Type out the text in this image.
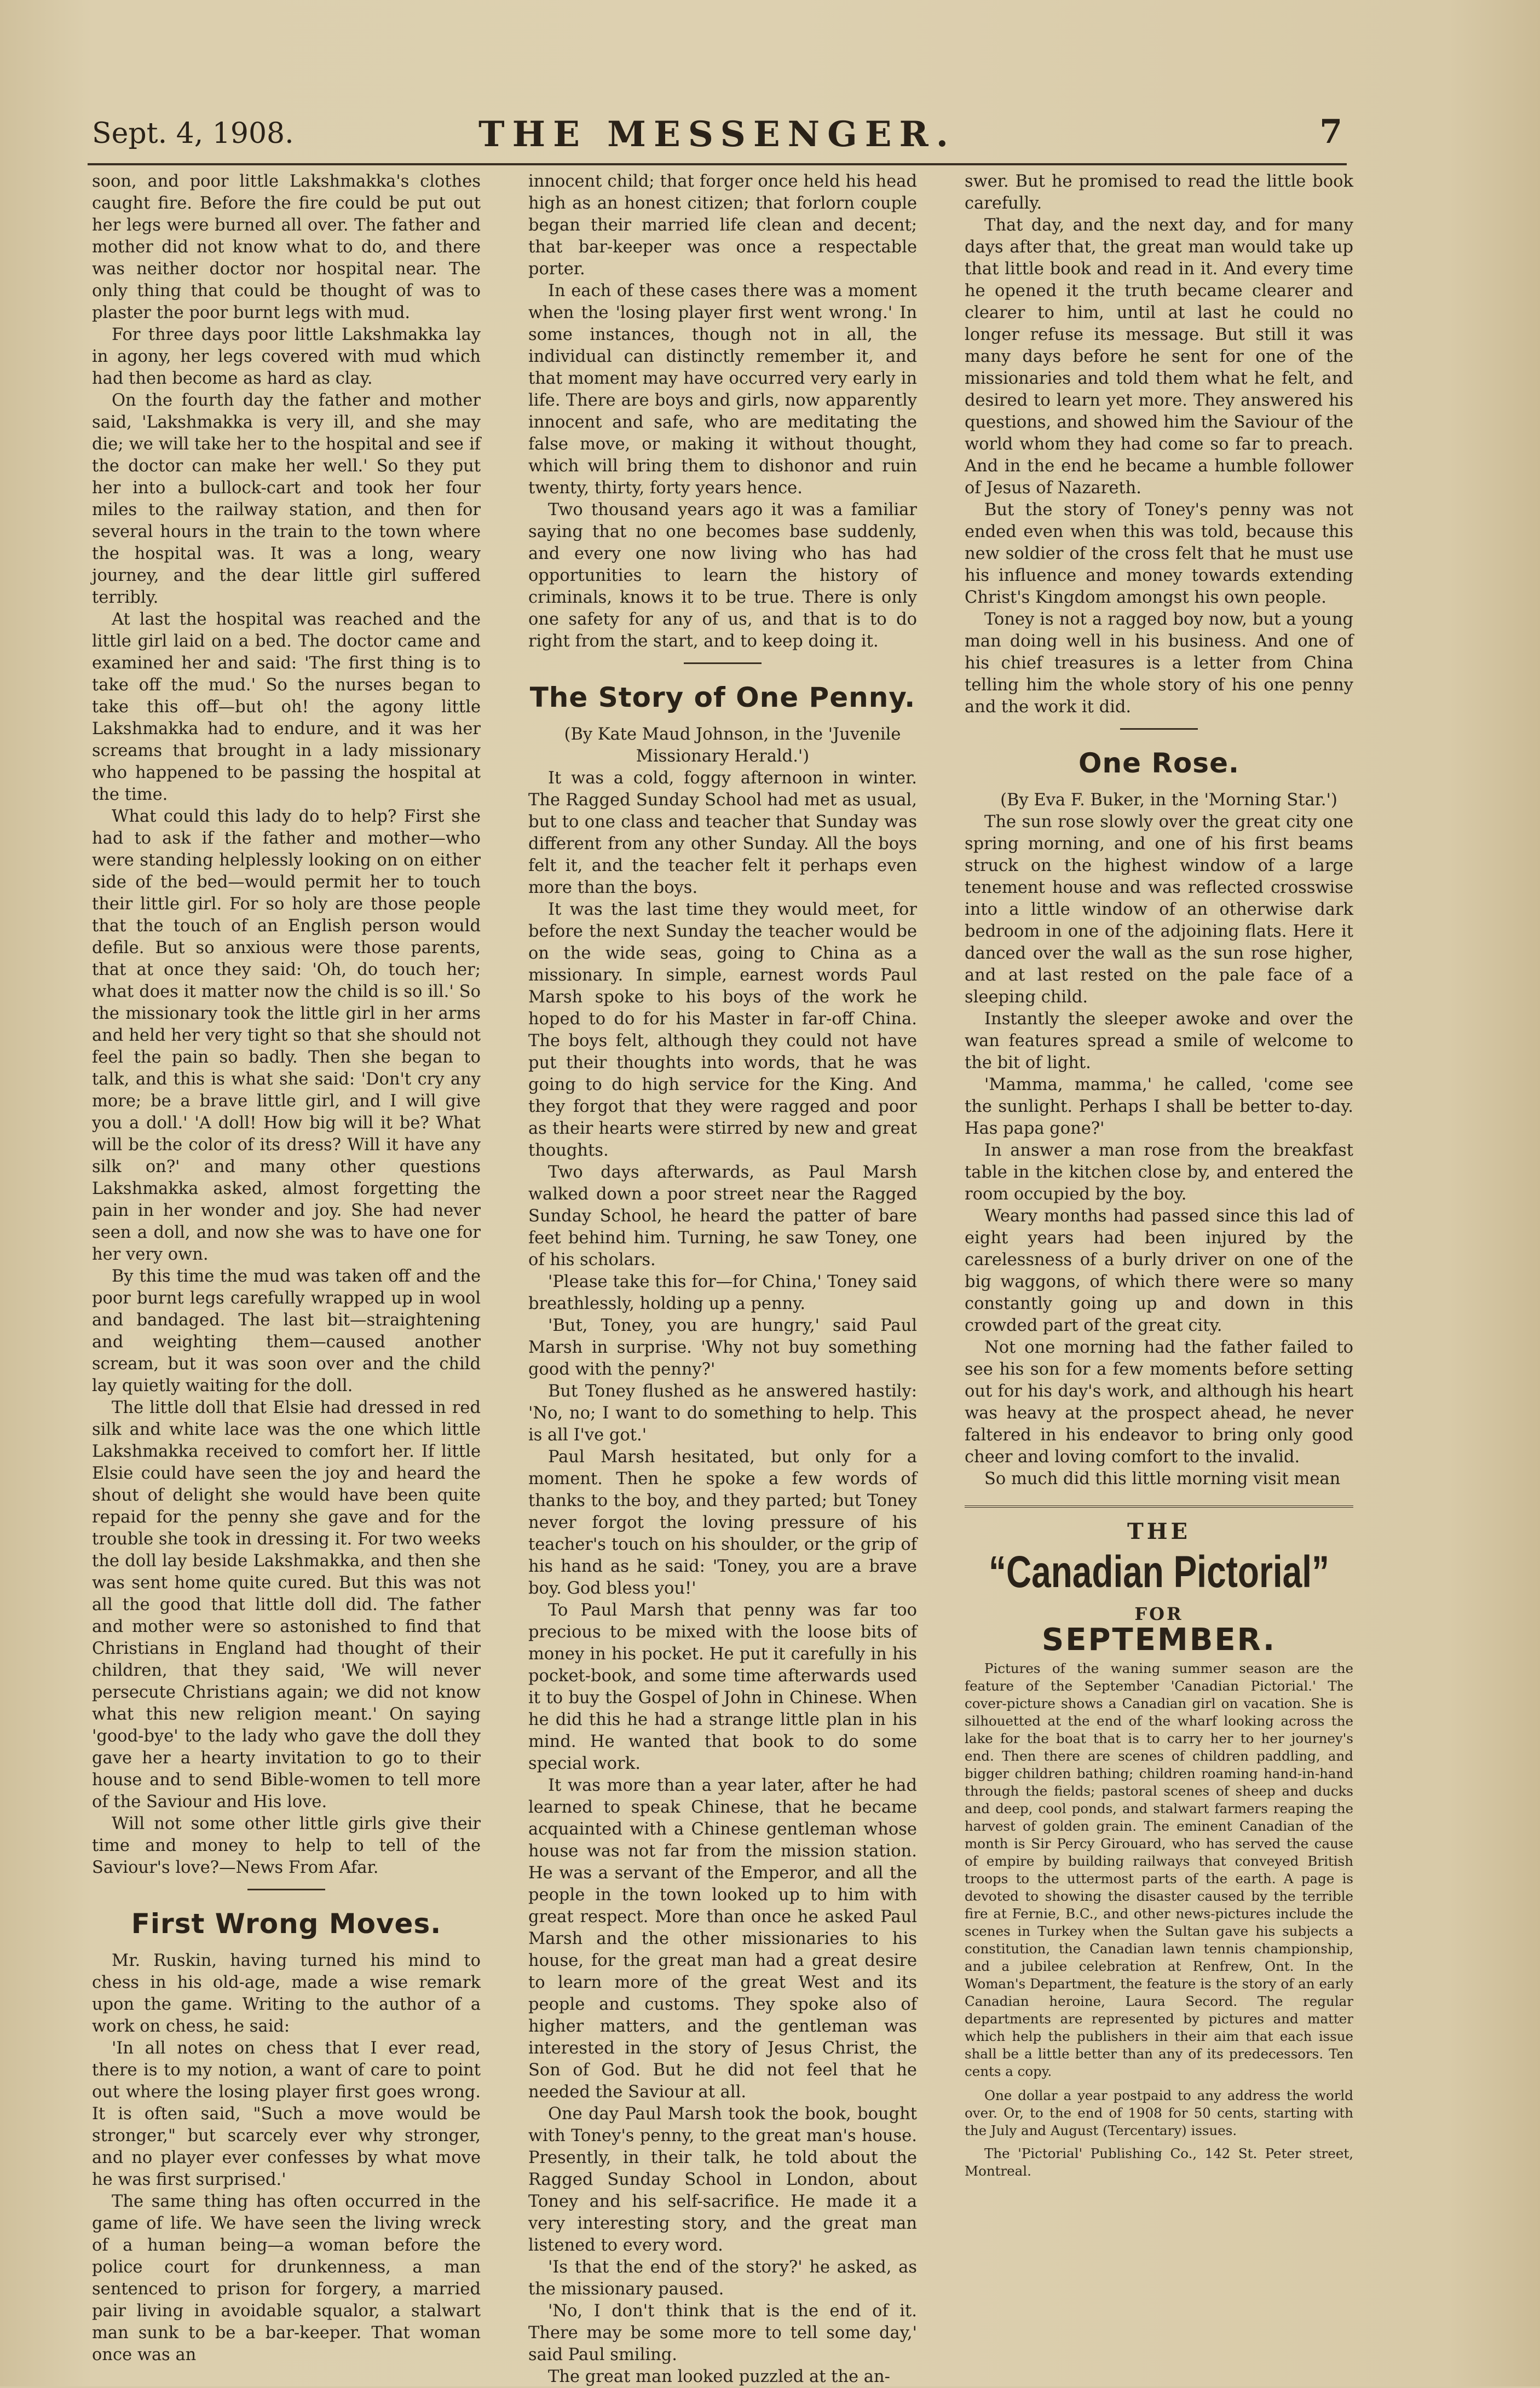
Sept. 4, 1908.	THE MESSENGER.	7

soon, and poor little Lakshmakka's clothes caught fire. Before the fire could be put out her legs were burned all over. The father and mother did not know what to do, and there was neither doctor nor hospital near. The only thing that could be thought of was to plaster the poor burnt legs with mud.

For three days poor little Lakshmakka lay in agony, her legs covered with mud which had then become as hard as clay.

On the fourth day the father and mother said, 'Lakshmakka is very ill, and she may die; we will take her to the hospital and see if the doctor can make her well.' So they put her into a bullock-cart and took her four miles to the railway station, and then for several hours in the train to the town where the hospital was. It was a long, weary journey, and the dear little girl suffered terribly.

At last the hospital was reached and the little girl laid on a bed. The doctor came and examined her and said: 'The first thing is to take off the mud.' So the nurses began to take this off—but oh! the agony little Lakshmakka had to endure, and it was her screams that brought in a lady missionary who happened to be passing the hospital at the time.

What could this lady do to help? First she had to ask if the father and mother—who were standing helplessly looking on on either side of the bed—would permit her to touch their little girl. For so holy are those people that the touch of an English person would defile. But so anxious were those parents, that at once they said: 'Oh, do touch her; what does it matter now the child is so ill.' So the missionary took the little girl in her arms and held her very tight so that she should not feel the pain so badly. Then she began to talk, and this is what she said: 'Don't cry any more; be a brave little girl, and I will give you a doll.' 'A doll! How big will it be? What will be the color of its dress? Will it have any silk on?' and many other questions Lakshmakka asked, almost forgetting the pain in her wonder and joy. She had never seen a doll, and now she was to have one for her very own.

By this time the mud was taken off and the poor burnt legs carefully wrapped up in wool and bandaged. The last bit—straightening and weighting them—caused another scream, but it was soon over and the child lay quietly waiting for the doll.

The little doll that Elsie had dressed in red silk and white lace was the one which little Lakshmakka received to comfort her. If little Elsie could have seen the joy and heard the shout of delight she would have been quite repaid for the penny she gave and for the trouble she took in dressing it. For two weeks the doll lay beside Lakshmakka, and then she was sent home quite cured. But this was not all the good that little doll did. The father and mother were so astonished to find that Christians in England had thought of their children, that they said, 'We will never persecute Christians again; we did not know what this new religion meant.' On saying 'good-bye' to the lady who gave the doll they gave her a hearty invitation to go to their house and to send Bible-women to tell more of the Saviour and His love.

Will not some other little girls give their time and money to help to tell of the Saviour's love?—News From Afar.

First Wrong Moves.

Mr. Ruskin, having turned his mind to chess in his old-age, made a wise remark upon the game. Writing to the author of a work on chess, he said:

'In all notes on chess that I ever read, there is to my notion, a want of care to point out where the losing player first goes wrong. It is often said, "Such a move would be stronger," but scarcely ever why stronger, and no player ever confesses by what move he was first surprised.'

The same thing has often occurred in the game of life. We have seen the living wreck of a human being—a woman before the police court for drunkenness, a man sentenced to prison for forgery, a married pair living in avoidable squalor, a stalwart man sunk to be a bar-keeper. That woman once was an

innocent child; that forger once held his head high as an honest citizen; that forlorn couple began their married life clean and decent; that bar-keeper was once a respectable porter.

In each of these cases there was a moment when the 'losing player first went wrong.' In some instances, though not in all, the individual can distinctly remember it, and that moment may have occurred very early in life. There are boys and girls, now apparently innocent and safe, who are meditating the false move, or making it without thought, which will bring them to dishonor and ruin twenty, thirty, forty years hence.

Two thousand years ago it was a familiar saying that no one becomes base suddenly, and every one now living who has had opportunities to learn the history of criminals, knows it to be true. There is only one safety for any of us, and that is to do right from the start, and to keep doing it.

The Story of One Penny.

(By Kate Maud Johnson, in the 'Juvenile Missionary Herald.')

It was a cold, foggy afternoon in winter. The Ragged Sunday School had met as usual, but to one class and teacher that Sunday was different from any other Sunday. All the boys felt it, and the teacher felt it perhaps even more than the boys.

It was the last time they would meet, for before the next Sunday the teacher would be on the wide seas, going to China as a missionary. In simple, earnest words Paul Marsh spoke to his boys of the work he hoped to do for his Master in far-off China. The boys felt, although they could not have put their thoughts into words, that he was going to do high service for the King. And they forgot that they were ragged and poor as their hearts were stirred by new and great thoughts.

Two days afterwards, as Paul Marsh walked down a poor street near the Ragged Sunday School, he heard the patter of bare feet behind him. Turning, he saw Toney, one of his scholars.

'Please take this for—for China,' Toney said breathlessly, holding up a penny.

'But, Toney, you are hungry,' said Paul Marsh in surprise. 'Why not buy something good with the penny?'

But Toney flushed as he answered hastily: 'No, no; I want to do something to help. This is all I've got.'

Paul Marsh hesitated, but only for a moment. Then he spoke a few words of thanks to the boy, and they parted; but Toney never forgot the loving pressure of his teacher's touch on his shoulder, or the grip of his hand as he said: 'Toney, you are a brave boy. God bless you!'

To Paul Marsh that penny was far too precious to be mixed with the loose bits of money in his pocket. He put it carefully in his pocket-book, and some time afterwards used it to buy the Gospel of John in Chinese. When he did this he had a strange little plan in his mind. He wanted that book to do some special work.

It was more than a year later, after he had learned to speak Chinese, that he became acquainted with a Chinese gentleman whose house was not far from the mission station. He was a servant of the Emperor, and all the people in the town looked up to him with great respect. More than once he asked Paul Marsh and the other missionaries to his house, for the great man had a great desire to learn more of the great West and its people and customs. They spoke also of higher matters, and the gentleman was interested in the story of Jesus Christ, the Son of God. But he did not feel that he needed the Saviour at all.

One day Paul Marsh took the book, bought with Toney's penny, to the great man's house. Presently, in their talk, he told about the Ragged Sunday School in London, about Toney and his self-sacrifice. He made it a very interesting story, and the great man listened to every word.

'Is that the end of the story?' he asked, as the missionary paused.

'No, I don't think that is the end of it. There may be some more to tell some day,' said Paul smiling.

The great man looked puzzled at the an-

swer. But he promised to read the little book carefully.

That day, and the next day, and for many days after that, the great man would take up that little book and read in it. And every time he opened it the truth became clearer and clearer to him, until at last he could no longer refuse its message. But still it was many days before he sent for one of the missionaries and told them what he felt, and desired to learn yet more. They answered his questions, and showed him the Saviour of the world whom they had come so far to preach. And in the end he became a humble follower of Jesus of Nazareth.

But the story of Toney's penny was not ended even when this was told, because this new soldier of the cross felt that he must use his influence and money towards extending Christ's Kingdom amongst his own people.

Toney is not a ragged boy now, but a young man doing well in his business. And one of his chief treasures is a letter from China telling him the whole story of his one penny and the work it did.

One Rose.

(By Eva F. Buker, in the 'Morning Star.')

The sun rose slowly over the great city one spring morning, and one of his first beams struck on the highest window of a large tenement house and was reflected crosswise into a little window of an otherwise dark bedroom in one of the adjoining flats. Here it danced over the wall as the sun rose higher, and at last rested on the pale face of a sleeping child.

Instantly the sleeper awoke and over the wan features spread a smile of welcome to the bit of light.

'Mamma, mamma,' he called, 'come see the sunlight. Perhaps I shall be better to-day. Has papa gone?'

In answer a man rose from the breakfast table in the kitchen close by, and entered the room occupied by the boy.

Weary months had passed since this lad of eight years had been injured by the carelessness of a burly driver on one of the big waggons, of which there were so many constantly going up and down in this crowded part of the great city.

Not one morning had the father failed to see his son for a few moments before setting out for his day's work, and although his heart was heavy at the prospect ahead, he never faltered in his endeavor to bring only good cheer and loving comfort to the invalid.

So much did this little morning visit mean

THE
“Canadian Pictorial”
FOR
SEPTEMBER.

Pictures of the waning summer season are the feature of the September 'Canadian Pictorial.' The cover-picture shows a Canadian girl on vacation. She is silhouetted at the end of the wharf looking across the lake for the boat that is to carry her to her journey's end. Then there are scenes of children paddling, and bigger children bathing; children roaming hand-in-hand through the fields; pastoral scenes of sheep and ducks and deep, cool ponds, and stalwart farmers reaping the harvest of golden grain. The eminent Canadian of the month is Sir Percy Girouard, who has served the cause of empire by building railways that conveyed British troops to the uttermost parts of the earth. A page is devoted to showing the disaster caused by the terrible fire at Fernie, B.C., and other news-pictures include the scenes in Turkey when the Sultan gave his subjects a constitution, the Canadian lawn tennis championship, and a jubilee celebration at Renfrew, Ont. In the Woman's Department, the feature is the story of an early Canadian heroine, Laura Secord. The regular departments are represented by pictures and matter which help the publishers in their aim that each issue shall be a little better than any of its predecessors. Ten cents a copy.

One dollar a year postpaid to any address the world over. Or, to the end of 1908 for 50 cents, starting with the July and August (Tercentary) issues.

The 'Pictorial' Publishing Co., 142 St. Peter street, Montreal.
